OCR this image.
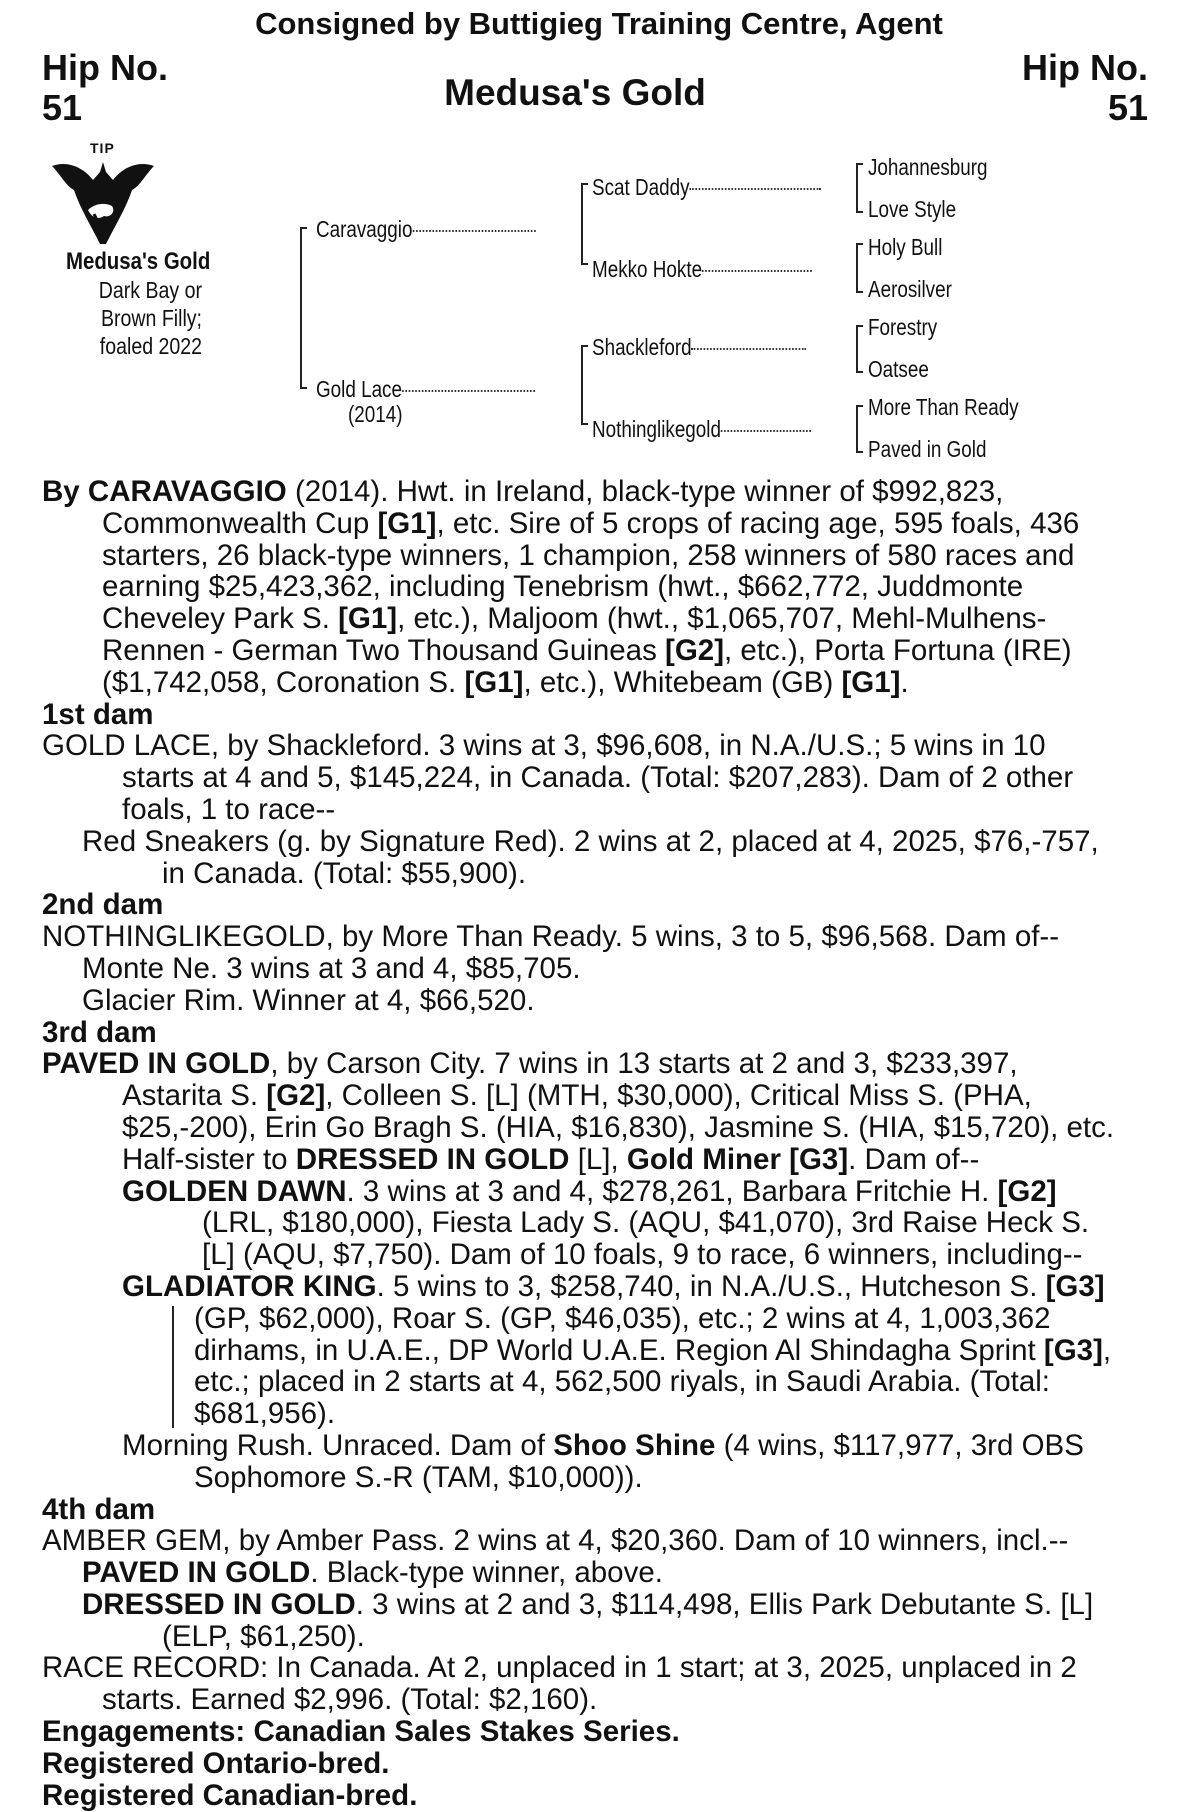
Consigned by Buttigieg Training Centre, Agent
Hip No.
51
Hip No.
51
Medusa's Gold
TIP
Medusa's Gold
Dark Bay or
Brown Filly;
foaled 2022
Caravaggio
Gold Lace
(2014)
Scat Daddy
Mekko Hokte
Shackleford
Nothinglikegold
Johannesburg
Love Style
Holy Bull
Aerosilver
Forestry
Oatsee
More Than Ready
Paved in Gold

By CARAVAGGIO (2014). Hwt. in Ireland, black-type winner of $992,823, Commonwealth Cup [G1], etc. Sire of 5 crops of racing age, 595 foals, 436 starters, 26 black-type winners, 1 champion, 258 winners of 580 races and earning $25,423,362, including Tenebrism (hwt., $662,772, Juddmonte Cheveley Park S. [G1], etc.), Maljoom (hwt., $1,065,707, Mehl-Mulhens-Rennen - German Two Thousand Guineas [G2], etc.), Porta Fortuna (IRE) ($1,742,058, Coronation S. [G1], etc.), Whitebeam (GB) [G1].

1st dam

GOLD LACE, by Shackleford. 3 wins at 3, $96,608, in N.A./U.S.; 5 wins in 10 starts at 4 and 5, $145,224, in Canada. (Total: $207,283). Dam of 2 other foals, 1 to race--

Red Sneakers (g. by Signature Red). 2 wins at 2, placed at 4, 2025, $76,-757, in Canada. (Total: $55,900).

2nd dam

NOTHINGLIKEGOLD, by More Than Ready. 5 wins, 3 to 5, $96,568. Dam of--

Monte Ne. 3 wins at 3 and 4, $85,705.

Glacier Rim. Winner at 4, $66,520.

3rd dam

PAVED IN GOLD, by Carson City. 7 wins in 13 starts at 2 and 3, $233,397, Astarita S. [G2], Colleen S. [L] (MTH, $30,000), Critical Miss S. (PHA, $25,-200), Erin Go Bragh S. (HIA, $16,830), Jasmine S. (HIA, $15,720), etc. Half-sister to DRESSED IN GOLD [L], Gold Miner [G3]. Dam of--

GOLDEN DAWN. 3 wins at 3 and 4, $278,261, Barbara Fritchie H. [G2] (LRL, $180,000), Fiesta Lady S. (AQU, $41,070), 3rd Raise Heck S. [L] (AQU, $7,750). Dam of 10 foals, 9 to race, 6 winners, including--

GLADIATOR KING. 5 wins to 3, $258,740, in N.A./U.S., Hutcheson S. [G3] (GP, $62,000), Roar S. (GP, $46,035), etc.; 2 wins at 4, 1,003,362 dirhams, in U.A.E., DP World U.A.E. Region Al Shindagha Sprint [G3], etc.; placed in 2 starts at 4, 562,500 riyals, in Saudi Arabia. (Total: $681,956).

Morning Rush. Unraced. Dam of Shoo Shine (4 wins, $117,977, 3rd OBS Sophomore S.-R (TAM, $10,000)).

4th dam

AMBER GEM, by Amber Pass. 2 wins at 4, $20,360. Dam of 10 winners, incl.--

PAVED IN GOLD. Black-type winner, above.

DRESSED IN GOLD. 3 wins at 2 and 3, $114,498, Ellis Park Debutante S. [L] (ELP, $61,250).

RACE RECORD: In Canada. At 2, unplaced in 1 start; at 3, 2025, unplaced in 2 starts. Earned $2,996. (Total: $2,160).

Engagements: Canadian Sales Stakes Series.

Registered Ontario-bred.

Registered Canadian-bred.
